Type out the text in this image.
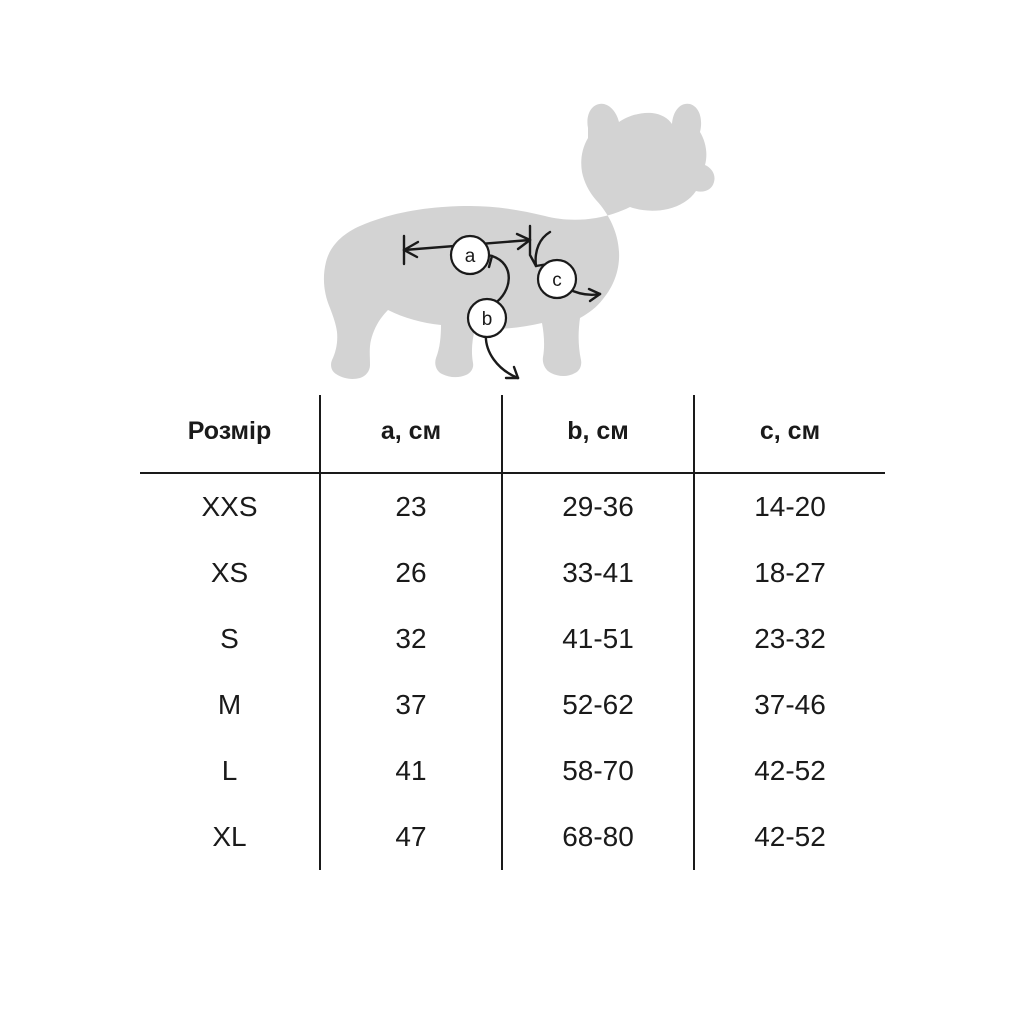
a
b
c
Розмір	a, см	b, см	c, см
XXS	23	29-36	14-20
XS	26	33-41	18-27
S	32	41-51	23-32
M	37	52-62	37-46
L	41	58-70	42-52
XL	47	68-80	42-52
